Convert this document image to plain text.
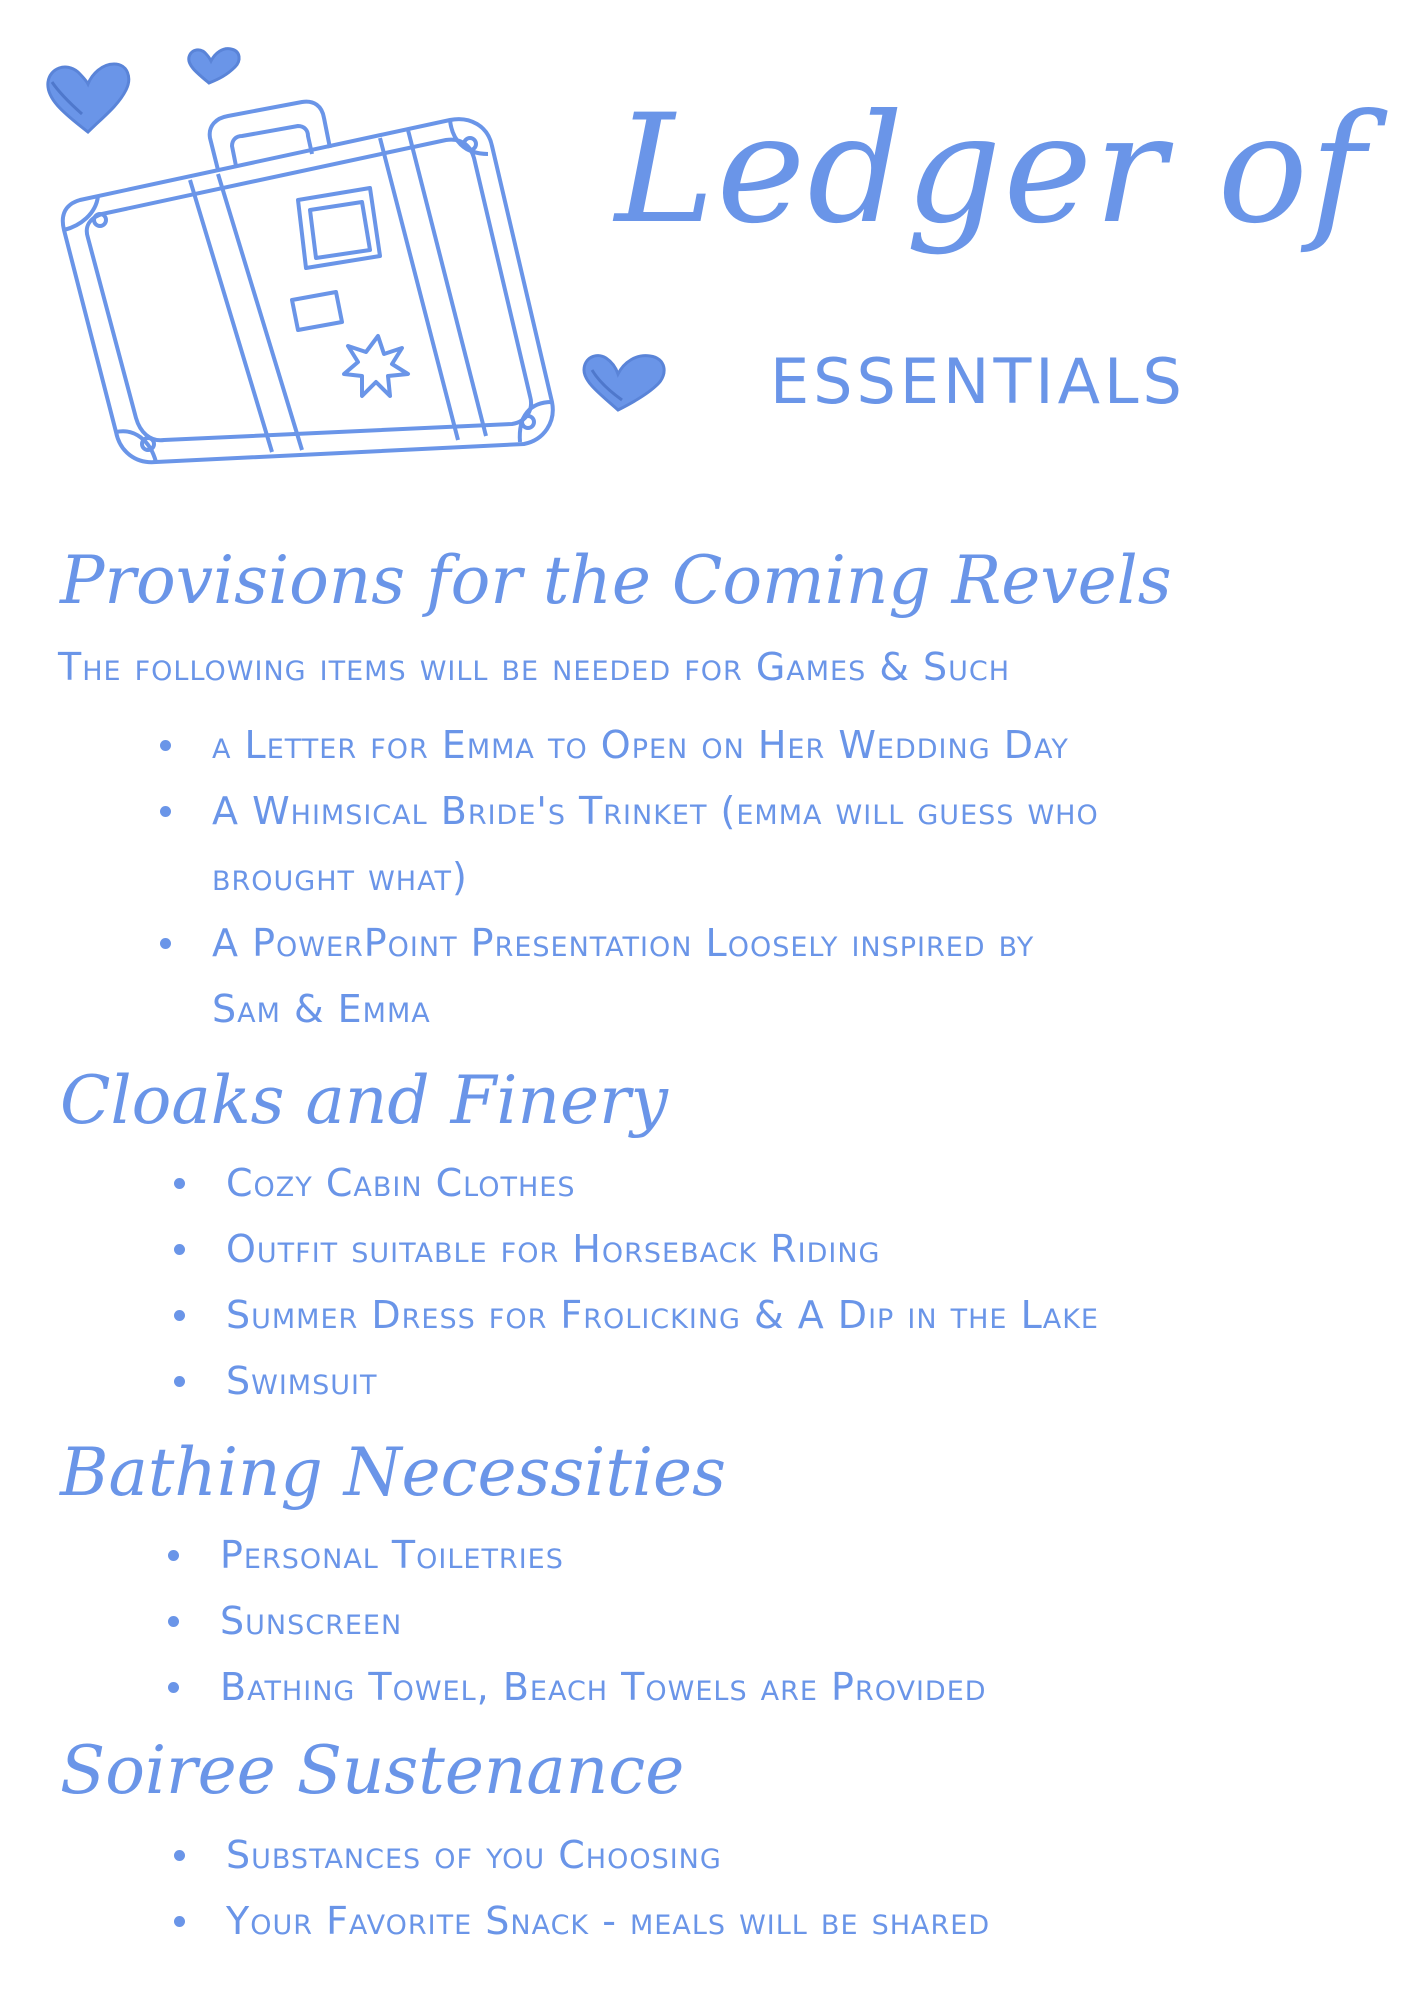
Ledger of
ESSENTIALS
Provisions for the Coming Revels
The following items will be needed for Games & Such
a Letter for Emma to Open on Her Wedding Day
A Whimsical Bride's Trinket (emma will guess who
brought what)
A PowerPoint Presentation Loosely inspired by
Sam & Emma
Cloaks and Finery
Cozy Cabin Clothes
Outfit suitable for Horseback Riding
Summer Dress for Frolicking & A Dip in the Lake
Swimsuit
Bathing Necessities
Personal Toiletries
Sunscreen
Bathing Towel, Beach Towels are Provided
Soiree Sustenance
Substances of you Choosing
Your Favorite Snack - meals will be shared
